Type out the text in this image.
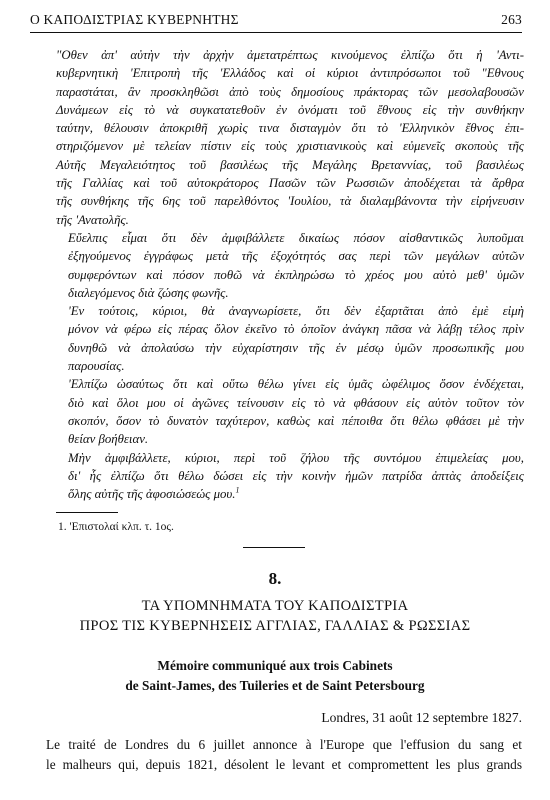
Ο ΚΑΠΟΔΙΣΤΡΙΑΣ ΚΥΒΕΡΝΗΤΗΣ	263

"Οθεν ἀπ' αὐτὴν τὴν ἀρχὴν ἀμετατρέπτως κινούμενος ἐλπίζω ὅτι ἡ 'Αντι-
κυβερνητικὴ 'Επιτροπὴ τῆς 'Ελλάδος καὶ οἱ κύριοι ἀντιπρόσωποι τοῦ "Εθνους
παραστάται, ἂν προσκληθῶσι ἀπὸ τοὺς δημοσίους πράκτορας τῶν μεσολαβουσῶν
Δυνάμεων εἰς τὸ νὰ συγκατατεθοῦν ἐν ὀνόματι τοῦ ἔθνους εἰς τὴν συνθήκην
ταύτην, θέλουσιν ἀποκριθῆ χωρὶς τινα δισταγμὸν ὅτι τὸ 'Ελληνικὸν ἔθνος ἐπι-
στηριζόμενον μὲ τελείαν πίστιν εἰς τοὺς χριστιανικοὺς καὶ εὐμενεῖς σκοποὺς τῆς
Αὐτῆς Μεγαλειότητος τοῦ βασιλέως τῆς Μεγάλης Βρεταννίας, τοῦ βασιλέως
τῆς Γαλλίας καὶ τοῦ αὐτοκράτορος Πασῶν τῶν Ρωσσιῶν ἀποδέχεται τὰ ἄρθρα
τῆς συνθήκης τῆς 6ης τοῦ παρελθόντος 'Ιουλίου, τὰ διαλαμβάνοντα τὴν εἰρήνευσιν
τῆς 'Ανατολῆς.

Εὔελπις εἶμαι ὅτι δὲν ἀμφιβάλλετε δικαίως πόσον αἰσθαντικῶς λυποῦμαι
ἐξηγούμενος ἐγγράφως μετὰ τῆς ἐξοχότητός σας περὶ τῶν μεγάλων αὐτῶν
συμφερόντων καὶ πόσον ποθῶ νὰ ἐκπληρώσω τὸ χρέος μου αὐτὸ μεθ' ὑμῶν
διαλεγόμενος διὰ ζώσης φωνῆς.

'Εν τούτοις, κύριοι, θὰ ἀναγνωρίσετε, ὅτι δὲν ἐξαρτᾶται ἀπὸ ἐμὲ εἰμὴ
μόνον νὰ φέρω εἰς πέρας ὅλον ἐκεῖνο τὸ ὁποῖον ἀνάγκη πᾶσα νὰ λάβῃ τέλος πρὶν
δυνηθῶ νὰ ἀπολαύσω τὴν εὐχαρίστησιν τῆς ἐν μέσῳ ὑμῶν προσωπικῆς μου
παρουσίας.

'Ελπίζω ὡσαύτως ὅτι καὶ οὕτω θέλω γίνει εἰς ὑμᾶς ὠφέλιμος ὅσον ἐνδέχεται,
διὸ καὶ ὅλοι μου οἱ ἀγῶνες τείνουσιν εἰς τὸ νὰ φθάσουν εἰς αὐτὸν τοῦτον τὸν
σκοπόν, ὅσον τὸ δυνατὸν ταχύτερον, καθὼς καὶ πέποιθα ὅτι θέλω φθάσει μὲ τὴν
θείαν βοήθειαν.

Μὴν ἀμφιβάλλετε, κύριοι, περὶ τοῦ ζήλου τῆς συντόμου ἐπιμελείας μου,
δι' ἧς ἐλπίζω ὅτι θέλω δώσει εἰς τὴν κοινὴν ἡμῶν πατρίδα ἀπτὰς ἀποδείξεις
ὅλης αὐτῆς τῆς ἀφοσιώσεώς μου.$^1$

1. 'Επιστολαί κλπ. τ. 1ος.
8.
ΤΑ ΥΠΟΜΝΗΜΑΤΑ ΤΟΥ ΚΑΠΟΔΙΣΤΡΙΑ
ΠΡΟΣ ΤΙΣ ΚΥΒΕΡΝΗΣΕΙΣ ΑΓΓΛΙΑΣ, ΓΑΛΛΙΑΣ & ΡΩΣΣΙΑΣ
Mémoire communiqué aux trois Cabinets
de Saint-James, des Tuileries et de Saint Petersbourg
Londres, 31 août 12 septembre 1827.

Le traité de Londres du 6 juillet annonce à l'Europe que l'effusion du sang et
le malheurs qui, depuis 1821, désolent le levant et compromettent les plus grands
